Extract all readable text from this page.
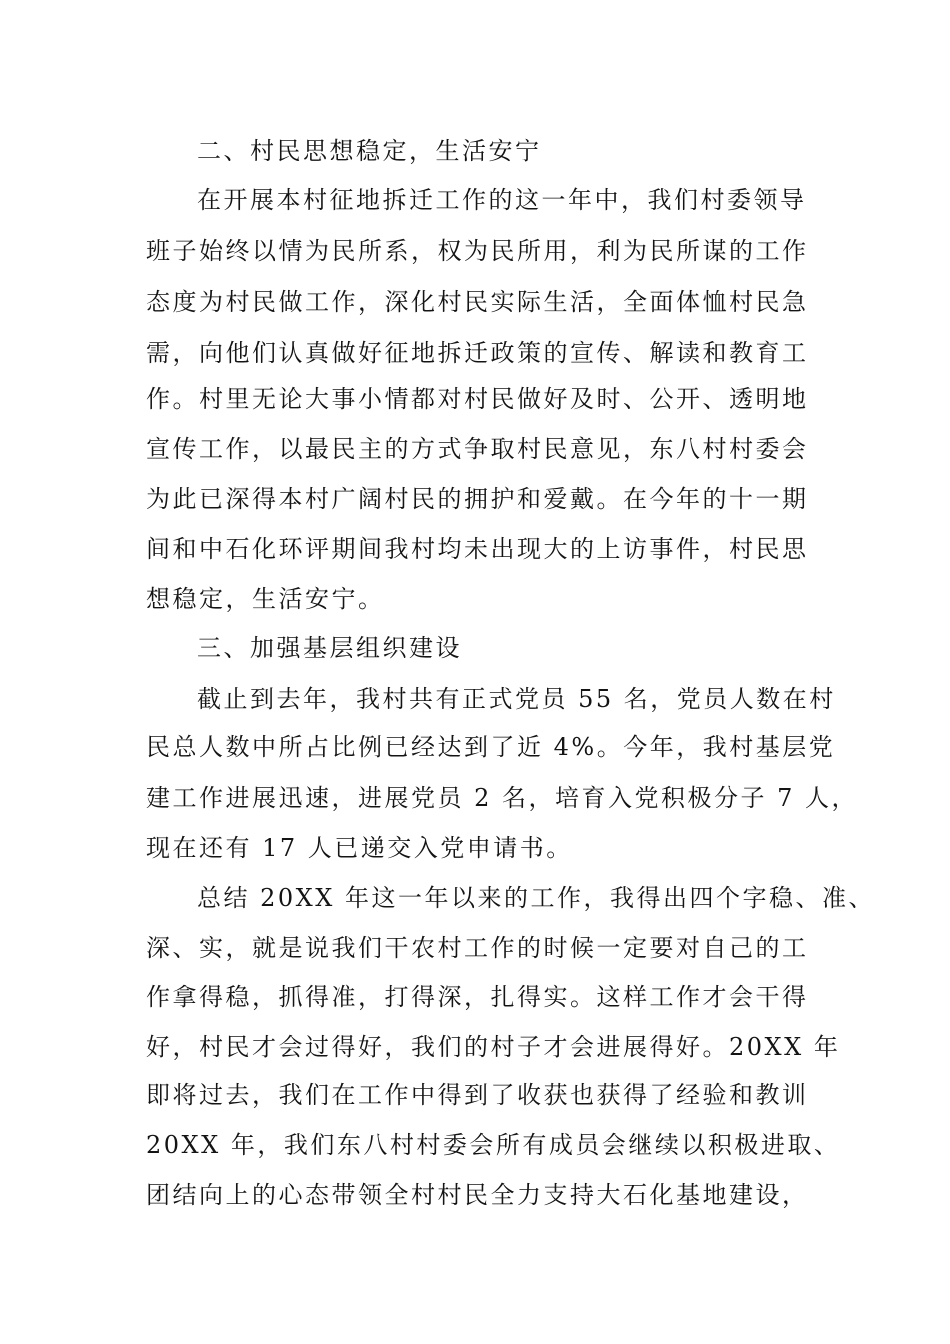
二、村民思想稳定，生活安宁
在开展本村征地拆迁工作的这一年中，我们村委领导
班子始终以情为民所系，权为民所用，利为民所谋的工作
态度为村民做工作，深化村民实际生活，全面体恤村民急
需，向他们认真做好征地拆迁政策的宣传、解读和教育工
作。村里无论大事小情都对村民做好及时、公开、透明地
宣传工作，以最民主的方式争取村民意见，东八村村委会
为此已深得本村广阔村民的拥护和爱戴。在今年的十一期
间和中石化环评期间我村均未出现大的上访事件，村民思
想稳定，生活安宁。
三、加强基层组织建设
截止到去年，我村共有正式党员 55 名，党员人数在村
民总人数中所占比例已经达到了近 4%。今年，我村基层党
建工作进展迅速，进展党员 2 名，培育入党积极分子 7 人，
现在还有 17 人已递交入党申请书。
总结 20XX 年这一年以来的工作，我得出四个字稳、准、
深、实，就是说我们干农村工作的时候一定要对自己的工
作拿得稳，抓得准，打得深，扎得实。这样工作才会干得
好，村民才会过得好，我们的村子才会进展得好。20XX 年
即将过去，我们在工作中得到了收获也获得了经验和教训
20XX 年，我们东八村村委会所有成员会继续以积极进取、
团结向上的心态带领全村村民全力支持大石化基地建设，
